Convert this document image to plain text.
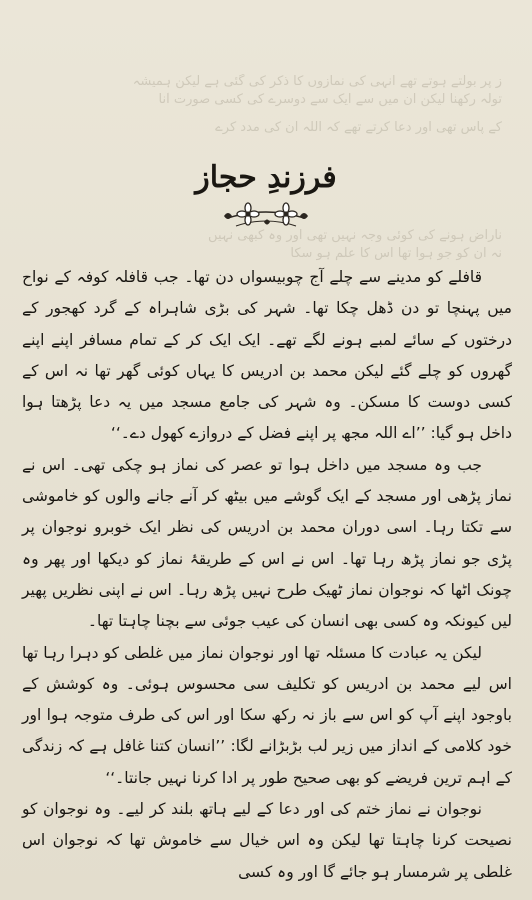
ز پر بولتے ہوتے تھے انہی کی نمازوں کا ذکر کی گئی ہے لیکن ہمیشہ
تولہ رکھنا لیکن ان میں سے ایک سے دوسرے کی کسی صورت آنا
کے پاس تھی اور دعا کرتے تھے کہ اللہ ان کی مدد کرے
ناراض ہونے کی کوئی وجہ نہیں تھی اور وہ کبھی نہیں
نہ ان کو جو ہوا تھا اس کا علم ہو سکا
فرزندِ حجاز

قافلے کو مدینے سے چلے آج چوبیسواں دن تھا۔ جب قافلہ کوفہ کے نواح میں پہنچا تو دن ڈھل چکا تھا۔ شہر کی بڑی شاہراہ کے گرد کھجور کے درختوں کے سائے لمبے ہونے لگے تھے۔ ایک ایک کر کے تمام مسافر اپنے اپنے گھروں کو چلے گئے لیکن محمد بن ادریس کا یہاں کوئی گھر تھا نہ اس کے کسی دوست کا مسکن۔ وہ شہر کی جامع مسجد میں یہ دعا پڑھتا ہوا داخل ہو گیا: ’’اے اللہ مجھ پر اپنے فضل کے دروازے کھول دے۔‘‘

جب وہ مسجد میں داخل ہوا تو عصر کی نماز ہو چکی تھی۔ اس نے نماز پڑھی اور مسجد کے ایک گوشے میں بیٹھ کر آنے جانے والوں کو خاموشی سے تکتا رہا۔ اسی دوران محمد بن ادریس کی نظر ایک خوبرو نوجوان پر پڑی جو نماز پڑھ رہا تھا۔ اس نے اس کے طریقۂ نماز کو دیکھا اور پھر وہ چونک اٹھا کہ نوجوان نماز ٹھیک طرح نہیں پڑھ رہا۔ اس نے اپنی نظریں پھیر لیں کیونکہ وہ کسی بھی انسان کی عیب جوئی سے بچنا چاہتا تھا۔

لیکن یہ عبادت کا مسئلہ تھا اور نوجوان نماز میں غلطی کو دہرا رہا تھا اس لیے محمد بن ادریس کو تکلیف سی محسوس ہوئی۔ وہ کوشش کے باوجود اپنے آپ کو اس سے باز نہ رکھ سکا اور اس کی طرف متوجہ ہوا اور خود کلامی کے انداز میں زیر لب بڑبڑانے لگا: ’’انسان کتنا غافل ہے کہ زندگی کے اہم ترین فریضے کو بھی صحیح طور پر ادا کرنا نہیں جانتا۔‘‘

نوجوان نے نماز ختم کی اور دعا کے لیے ہاتھ بلند کر لیے۔ وہ نوجوان کو نصیحت کرنا چاہتا تھا لیکن وہ اس خیال سے خاموش تھا کہ نوجوان اس غلطی پر شرمسار ہو جائے گا اور وہ کسی
